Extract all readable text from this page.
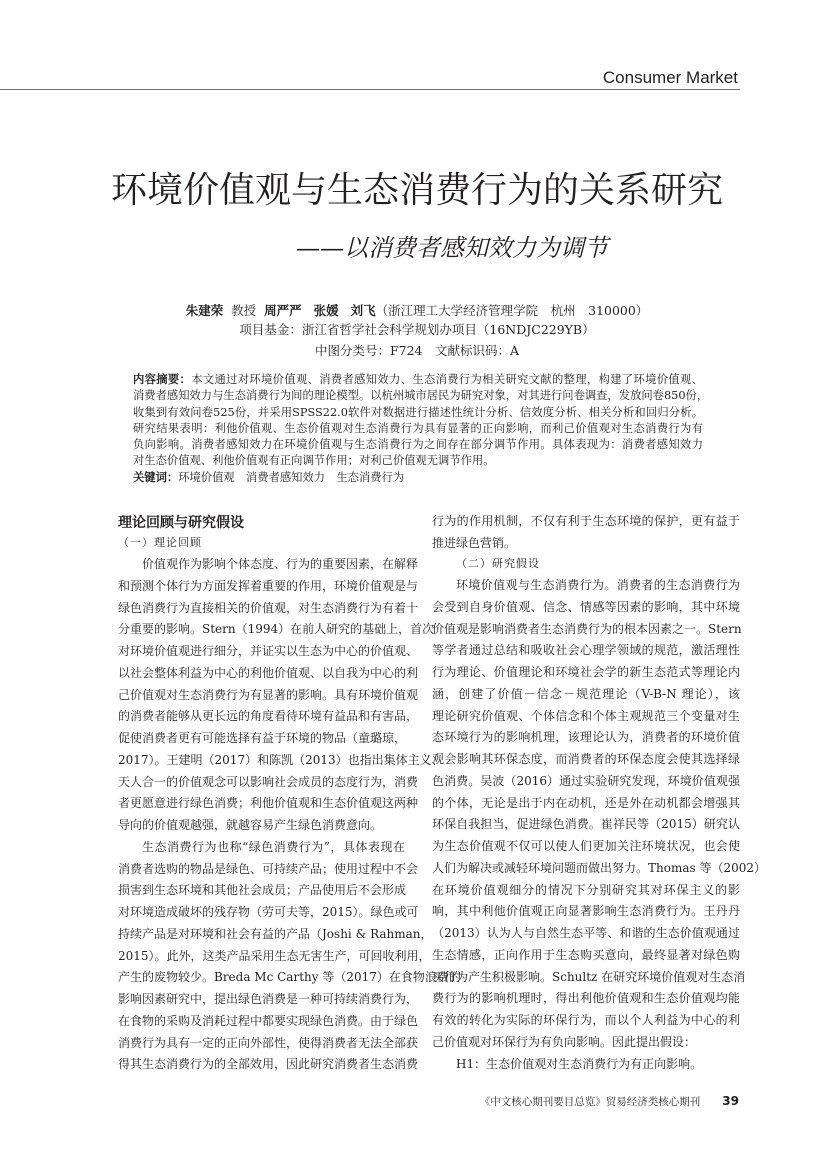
Consumer Market
环境价值观与生态消费行为的关系研究
——以消费者感知效力为调节
朱建荣 教授 周严严 张媛 刘飞（浙江理工大学经济管理学院　杭州　310000）
项目基金：浙江省哲学社会科学规划办项目（16NDJC229YB）
中图分类号：F724　文献标识码：A
内容摘要：本文通过对环境价值观、消费者感知效力、生态消费行为相关研究文献的整理，构建了环境价值观、
消费者感知效力与生态消费行为间的理论模型。以杭州城市居民为研究对象，对其进行问卷调查，发放问卷850份，
收集到有效问卷525份，并采用SPSS22.0软件对数据进行描述性统计分析、信效度分析、相关分析和回归分析。
研究结果表明：利他价值观、生态价值观对生态消费行为具有显著的正向影响，而利己价值观对生态消费行为有
负向影响。消费者感知效力在环境价值观与生态消费行为之间存在部分调节作用。具体表现为：消费者感知效力
对生态价值观、利他价值观有正向调节作用；对利己价值观无调节作用。
关键词：环境价值观　消费者感知效力　生态消费行为
理论回顾与研究假设
（一）理论回顾
价值观作为影响个体态度、行为的重要因素，在解释
和预测个体行为方面发挥着重要的作用，环境价值观是与
绿色消费行为直接相关的价值观，对生态消费行为有着十
分重要的影响。Stern（1994）在前人研究的基础上，首次
对环境价值观进行细分，并证实以生态为中心的价值观、
以社会整体利益为中心的利他价值观、以自我为中心的利
己价值观对生态消费行为有显著的影响。具有环境价值观
的消费者能够从更长远的角度看待环境有益品和有害品，
促使消费者更有可能选择有益于环境的物品（童璐琼，
2017）。王建明（2017）和陈凯（2013）也指出集体主义、
天人合一的价值观念可以影响社会成员的态度行为，消费
者更愿意进行绿色消费；利他价值观和生态价值观这两种
导向的价值观越强，就越容易产生绿色消费意向。
生态消费行为也称“绿色消费行为”，具体表现在
消费者选购的物品是绿色、可持续产品；使用过程中不会
损害到生态环境和其他社会成员；产品使用后不会形成
对环境造成破坏的残存物（劳可夫等，2015）。绿色或可
持续产品是对环境和社会有益的产品（Joshi & Rahman，
2015）。此外，这类产品采用生态无害生产，可回收利用，
产生的废物较少。Breda Mc Carthy 等（2017）在食物浪费的
影响因素研究中，提出绿色消费是一种可持续消费行为，
在食物的采购及消耗过程中都要实现绿色消费。由于绿色
消费行为具有一定的正向外部性，使得消费者无法全部获
得其生态消费行为的全部效用，因此研究消费者生态消费
（二）研究假设
行为的作用机制，不仅有利于生态环境的保护，更有益于
推进绿色营销。
环境价值观与生态消费行为。消费者的生态消费行为
会受到自身价值观、信念、情感等因素的影响，其中环境
价值观是影响消费者生态消费行为的根本因素之一。Stern
等学者通过总结和吸收社会心理学领域的规范，激活理性
行为理论、价值理论和环境社会学的新生态范式等理论内
涵，创建了价值－信念－规范理论（V-B-N 理论），该
理论研究价值观、个体信念和个体主观规范三个变量对生
态环境行为的影响机理，该理论认为，消费者的环境价值
观会影响其环保态度，而消费者的环保态度会使其选择绿
色消费。吴波（2016）通过实验研究发现，环境价值观强
的个体，无论是出于内在动机，还是外在动机都会增强其
环保自我担当，促进绿色消费。崔祥民等（2015）研究认
为生态价值观不仅可以使人们更加关注环境状况，也会使
人们为解决或减轻环境问题而做出努力。Thomas 等（2002）
在环境价值观细分的情况下分别研究其对环保主义的影
响，其中利他价值观正向显著影响生态消费行为。王丹丹
（2013）认为人与自然生态平等、和谐的生态价值观通过
生态情感，正向作用于生态购买意向，最终显著对绿色购
买行为产生积极影响。Schultz 在研究环境价值观对生态消
费行为的影响机理时，得出利他价值观和生态价值观均能
有效的转化为实际的环保行为，而以个人利益为中心的利
己价值观对环保行为有负向影响。因此提出假设：
H1：生态价值观对生态消费行为有正向影响。
《中文核心期刊要目总览》贸易经济类核心期刊 39
